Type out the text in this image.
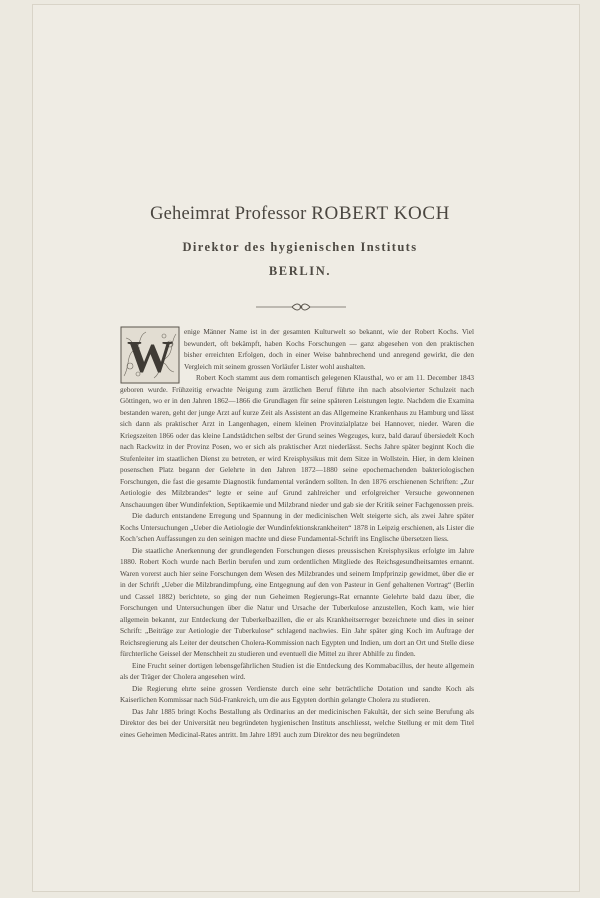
Geheimrat Professor ROBERT KOCH
Direktor des hygienischen Instituts
BERLIN.
W	enige Männer Name ist in der gesamten Kulturwelt so bekannt, wie der Robert Kochs. Viel bewundert, oft bekämpft, haben Kochs Forschungen — ganz abgesehen von den praktischen bisher erreichten Erfolgen, doch in einer Weise bahnbrechend und anregend gewirkt, die den Vergleich mit seinem grossen Vorläufer Lister wohl aushalten.

Robert Koch stammt aus dem romantisch gelegenen Klausthal, wo er am 11. December 1843 geboren wurde. Frühzeitig erwachte Neigung zum ärztlichen Beruf führte ihn nach absolvierter Schulzeit nach Göttingen, wo er in den Jahren 1862—1866 die Grundlagen für seine späteren Leistungen legte. Nachdem die Examina bestanden waren, geht der junge Arzt auf kurze Zeit als Assistent an das Allgemeine Krankenhaus zu Hamburg und lässt sich dann als praktischer Arzt in Langenhagen, einem kleinen Provinzialplatze bei Hannover, nieder. Waren die Kriegszeiten 1866 oder das kleine Landstädtchen selbst der Grund seines Wegzuges, kurz, bald darauf übersiedelt Koch nach Rackwitz in der Provinz Posen, wo er sich als praktischer Arzt niederlässt. Sechs Jahre später beginnt Koch die Stufenleiter im staatlichen Dienst zu betreten, er wird Kreisphysikus mit dem Sitze in Wollstein. Hier, in dem kleinen posenschen Platz begann der Gelehrte in den Jahren 1872—1880 seine epochemachenden bakteriologischen Forschungen, die fast die gesamte Diagnostik fundamental verändern sollten. In den 1876 erschienenen Schriften: „Zur Aetiologie des Milzbrandes“ legte er seine auf Grund zahlreicher und erfolgreicher Versuche gewonnenen Anschauungen über Wundinfektion, Septikaemie und Milzbrand nieder und gab sie der Kritik seiner Fachgenossen preis.

Die dadurch entstandene Erregung und Spannung in der medicinischen Welt steigerte sich, als zwei Jahre später Kochs Untersuchungen „Ueber die Aetiologie der Wundinfektionskrankheiten“ 1878 in Leipzig erschienen, als Lister die Koch’schen Auffassungen zu den seinigen machte und diese Fundamental-Schrift ins Englische übersetzen liess.

Die staatliche Anerkennung der grundlegenden Forschungen dieses preussischen Kreisphysikus erfolgte im Jahre 1880. Robert Koch wurde nach Berlin berufen und zum ordentlichen Mitgliede des Reichsgesundheitsamtes ernannt. Waren vorerst auch hier seine Forschungen dem Wesen des Milzbrandes und seinem Impfprinzip gewidmet, über die er in der Schrift „Ueber die Milzbrandimpfung, eine Entgegnung auf den von Pasteur in Genf gehaltenen Vortrag“ (Berlin und Cassel 1882) berichtete, so ging der nun Geheimen Regierungs-Rat ernannte Gelehrte bald dazu über, die Forschungen und Untersuchungen über die Natur und Ursache der Tuberkulose anzustellen, Koch kam, wie hier allgemein bekannt, zur Entdeckung der Tuberkelbazillen, die er als Krankheitserreger bezeichnete und dies in seiner Schrift: „Beiträge zur Aetiologie der Tuberkulose“ schlagend nachwies. Ein Jahr später ging Koch im Auftrage der Reichsregierung als Leiter der deutschen Cholera-Kommission nach Egypten und Indien, um dort an Ort und Stelle diese fürchterliche Geissel der Menschheit zu studieren und eventuell die Mittel zu ihrer Abhilfe zu finden.

Eine Frucht seiner dortigen lebensgefährlichen Studien ist die Entdeckung des Kommabacillus, der heute allgemein als der Träger der Cholera angesehen wird.

Die Regierung ehrte seine grossen Verdienste durch eine sehr beträchtliche Dotation und sandte Koch als Kaiserlichen Kommissar nach Süd-Frankreich, um die aus Egypten dorthin gelangte Cholera zu studieren.

Das Jahr 1885 bringt Kochs Bestallung als Ordinarius an der medicinischen Fakultät, der sich seine Berufung als Direktor des bei der Universität neu begründeten hygienischen Instituts anschliesst, welche Stellung er mit dem Titel eines Geheimen Medicinal-Rates antritt. Im Jahre 1891 auch zum Direktor des neu begründeten
